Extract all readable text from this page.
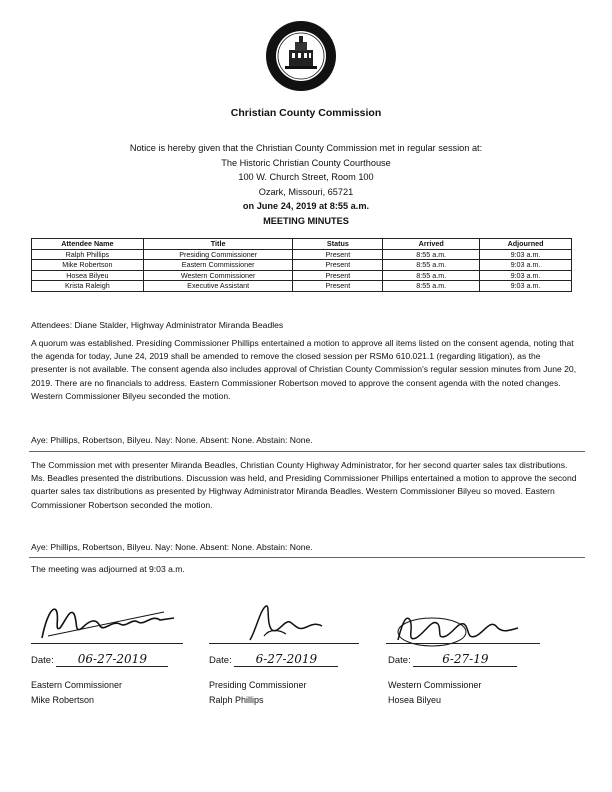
Christian County Commission
Notice is hereby given that the Christian County Commission met in regular session at:
The Historic Christian County Courthouse
100 W. Church Street, Room 100
Ozark, Missouri, 65721
on June 24, 2019 at 8:55 a.m.
MEETING MINUTES
Attendee Name	Title	Status	Arrived	Adjourned
Ralph Phillips	Presiding Commissioner	Present	8:55 a.m.	9:03 a.m.
Mike Robertson	Eastern Commissioner	Present	8:55 a.m.	9:03 a.m.
Hosea Bilyeu	Western Commissioner	Present	8:55 a.m.	9:03 a.m.
Krista Raleigh	Executive Assistant	Present	8:55 a.m.	9:03 a.m.
Attendees: Diane Stalder, Highway Administrator Miranda Beadles
A quorum was established. Presiding Commissioner Phillips entertained a motion to approve all items listed on the consent agenda, noting that the agenda for today, June 24, 2019 shall be amended to remove the closed session per RSMo 610.021.1 (regarding litigation), as the presenter is not available. The consent agenda also includes approval of Christian County Commission's regular session minutes from June 20, 2019. There are no financials to address. Eastern Commissioner Robertson moved to approve the consent agenda with the noted changes. Western Commissioner Bilyeu seconded the motion.
Aye: Phillips, Robertson, Bilyeu. Nay: None. Absent: None. Abstain: None.
The Commission met with presenter Miranda Beadles, Christian County Highway Administrator, for her second quarter sales tax distributions. Ms. Beadles presented the distributions. Discussion was held, and Presiding Commissioner Phillips entertained a motion to approve the second quarter sales tax distributions as presented by Highway Administrator Miranda Beadles. Western Commissioner Bilyeu so moved. Eastern Commissioner Robertson seconded the motion.
Aye: Phillips, Robertson, Bilyeu. Nay: None. Absent: None. Abstain: None.
The meeting was adjourned at 9:03 a.m.
Date: 06-27-2019	Date: 6-27-2019	Date:	6-27-19
Eastern Commissioner
Mike Robertson
Presiding Commissioner
Ralph Phillips
Western Commissioner
Hosea Bilyeu
